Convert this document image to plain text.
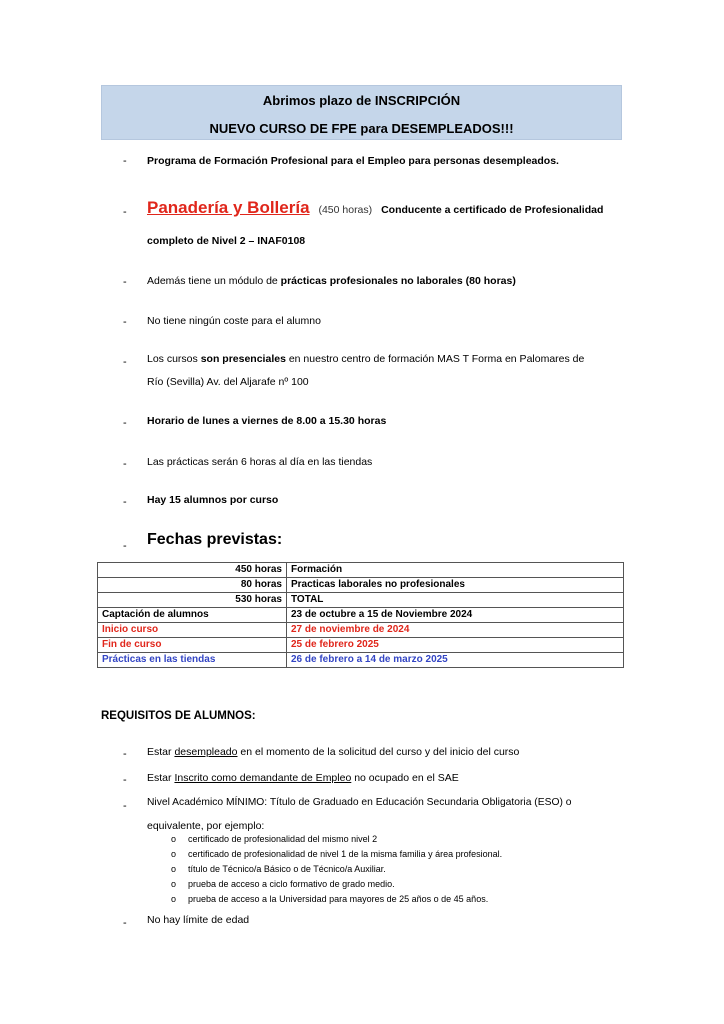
Abrimos plazo de INSCRIPCIÓN
NUEVO CURSO DE FPE para DESEMPLEADOS!!!
- Programa de Formación Profesional para el Empleo para personas desempleados.
- Panadería y Bollería (450 horas) Conducente a certificado de Profesionalidad
completo de Nivel 2 – INAF0108
- Además tiene un módulo de prácticas profesionales no laborales (80 horas)
- No tiene ningún coste para el alumno
- Los cursos son presenciales en nuestro centro de formación MAS T Forma en Palomares de
Río (Sevilla) Av. del Aljarafe nº 100
- Horario de lunes a viernes de 8.00 a 15.30 horas
- Las prácticas serán 6 horas al día en las tiendas
- Hay 15 alumnos por curso
- Fechas previstas:
450 horas	Formación
80 horas	Practicas laborales no profesionales
530 horas	TOTAL
Captación de alumnos	23 de octubre a 15 de Noviembre 2024
Inicio curso	27 de noviembre de 2024
Fin de curso	25 de febrero 2025
Prácticas en las tiendas	26 de febrero a 14 de marzo 2025
REQUISITOS DE ALUMNOS:
- Estar desempleado en el momento de la solicitud del curso y del inicio del curso
- Estar Inscrito como demandante de Empleo no ocupado en el SAE
- Nivel Académico MÍNIMO: Título de Graduado en Educación Secundaria Obligatoria (ESO) o
equivalente, por ejemplo:
o certificado de profesionalidad del mismo nivel 2
o certificado de profesionalidad de nivel 1 de la misma familia y área profesional.
o título de Técnico/a Básico o de Técnico/a Auxiliar.
o prueba de acceso a ciclo formativo de grado medio.
o prueba de acceso a la Universidad para mayores de 25 años o de 45 años.
- No hay límite de edad
